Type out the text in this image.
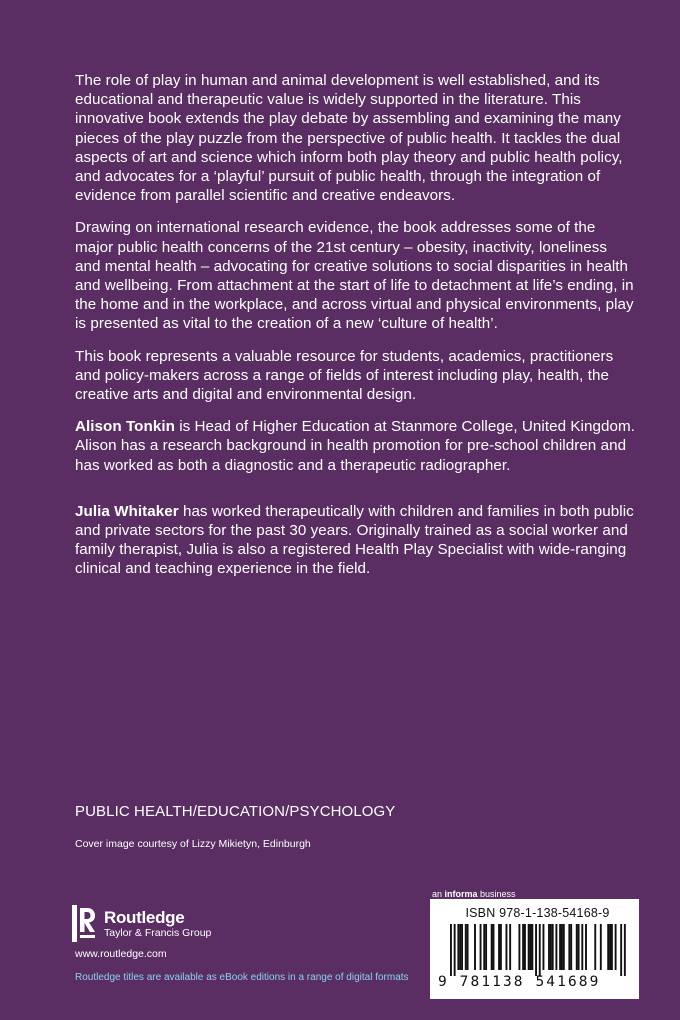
The role of play in human and animal development is well established, and its educational and therapeutic value is widely supported in the literature. This innovative book extends the play debate by assembling and examining the many pieces of the play puzzle from the perspective of public health. It tackles the dual aspects of art and science which inform both play theory and public health policy, and advocates for a ‘playful’ pursuit of public health, through the integration of evidence from parallel scientific and creative endeavors.

Drawing on international research evidence, the book addresses some of the major public health concerns of the 21st century – obesity, inactivity, loneliness and mental health – advocating for creative solutions to social disparities in health and wellbeing. From attachment at the start of life to detachment at life’s ending, in the home and in the workplace, and across virtual and physical environments, play is presented as vital to the creation of a new ‘culture of health’.

This book represents a valuable resource for students, academics, practitioners and policy-makers across a range of fields of interest including play, health, the creative arts and digital and environmental design.

Alison Tonkin is Head of Higher Education at Stanmore College, United Kingdom. Alison has a research background in health promotion for pre-school children and has worked as both a diagnostic and a therapeutic radiographer.

Julia Whitaker has worked therapeutically with children and families in both public and private sectors for the past 30 years. Originally trained as a social worker and family therapist, Julia is also a registered Health Play Specialist with wide-ranging clinical and teaching experience in the field.

PUBLIC HEALTH/EDUCATION/PSYCHOLOGY
Cover image courtesy of Lizzy Mikietyn, Edinburgh
Routledge
Taylor & Francis Group
www.routledge.com
Routledge titles are available as eBook editions in a range of digital formats
an informa business
ISBN 978-1-138-54168-9
9 781138 541689
